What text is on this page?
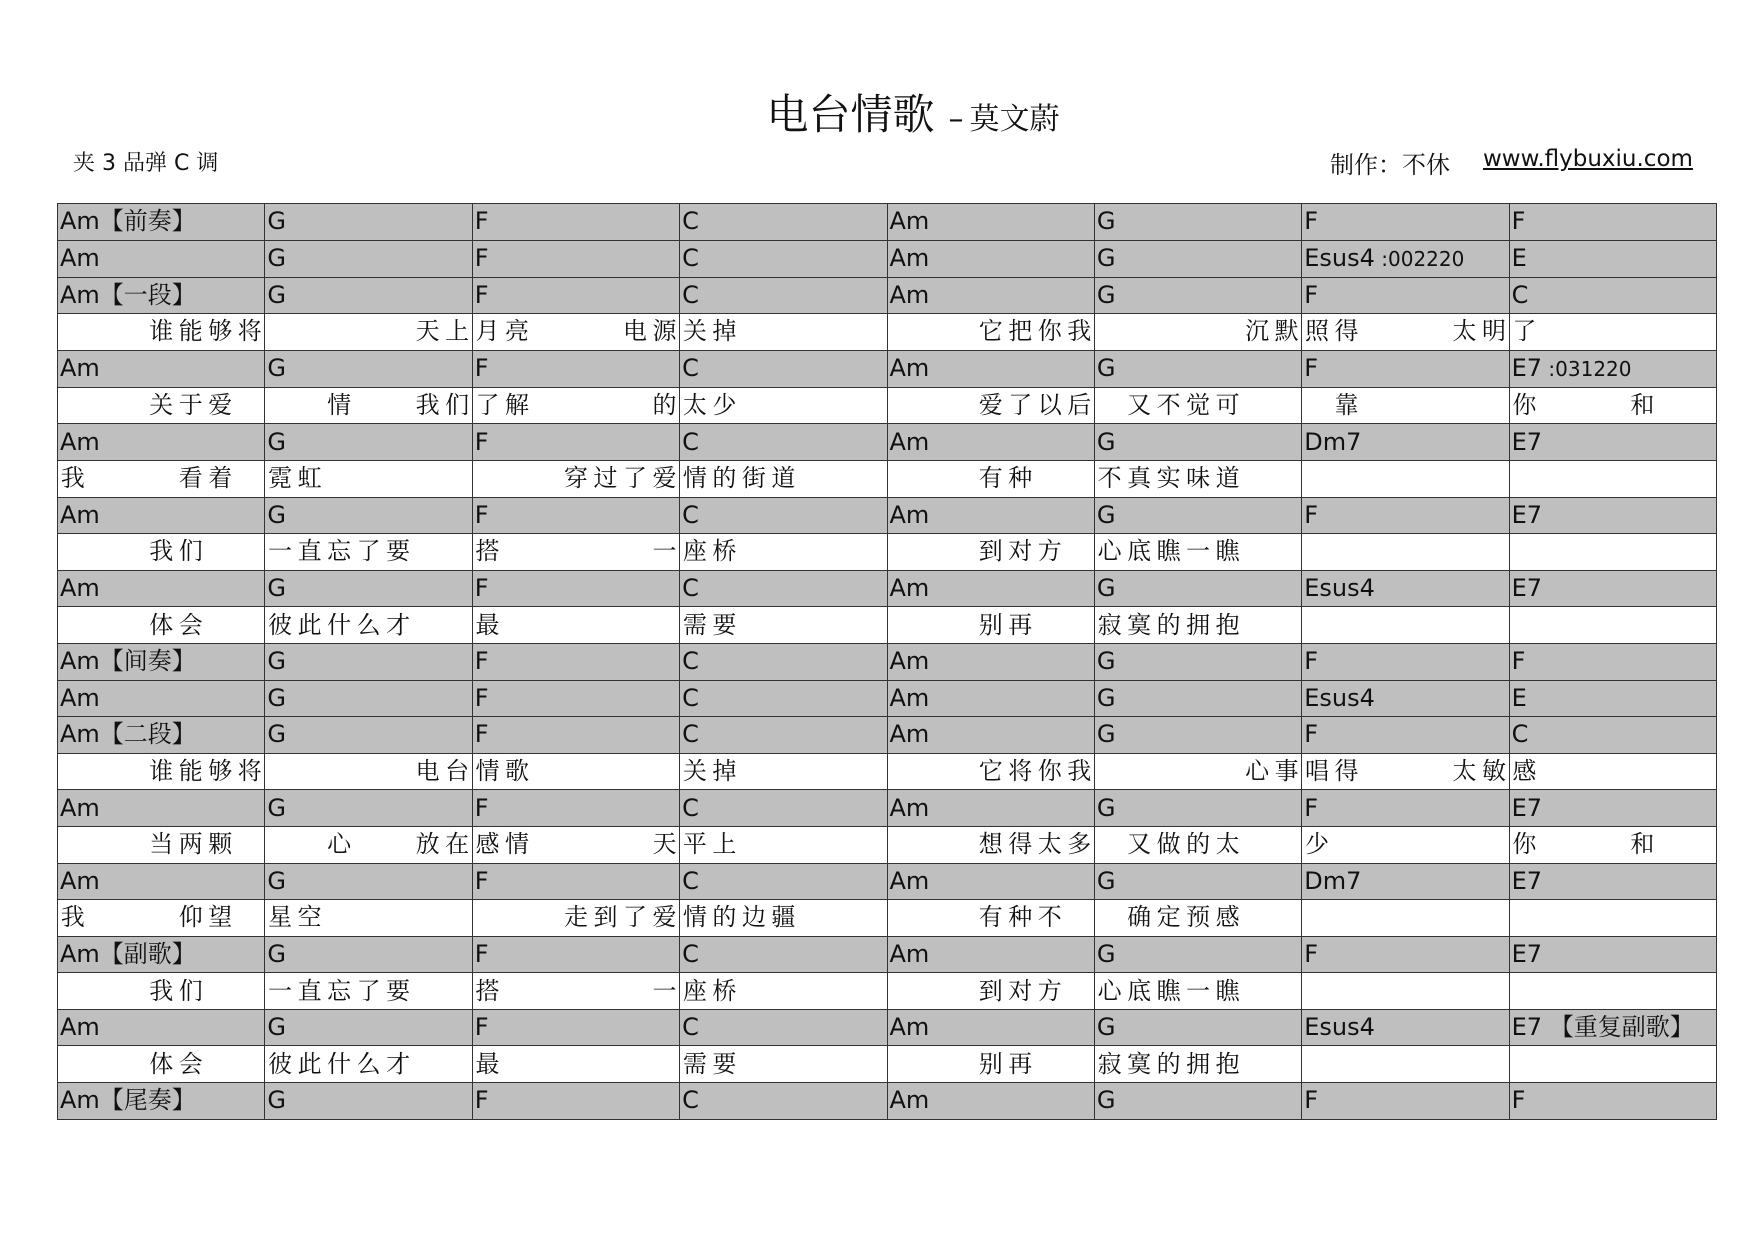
电台情歌 – 莫文蔚
夹 3 品弹 C 调	制作：不休 www.flybuxiu.com
Am【前奏】	G	F	C	Am	G	F	F
Am	G	F	C	Am	G	Esus4 :002220	E
Am【一段】	G	F	C	Am	G	F	C
谁 能 够 将	天 上	月 亮 电 源	关 掉	它 把 你 我	沉 默	照 得 太 明	了
Am	G	F	C	Am	G	F	E7 :031220
关 于 爱	情 我 们	了 解 的	太 少	爱 了 以 后	又 不 觉 可	靠	你 和
Am	G	F	C	Am	G	Dm7	E7
我 看 着	霓 虹	穿 过 了 爱	情 的 街 道	有 种	不 真 实 味 道		
Am	G	F	C	Am	G	F	E7
我 们	一 直 忘 了 要	搭 一	座 桥	到 对 方	心 底 瞧 一 瞧		
Am	G	F	C	Am	G	Esus4	E7
体 会	彼 此 什 么 才	最	需 要	别 再	寂 寞 的 拥 抱		
Am【间奏】	G	F	C	Am	G	F	F
Am	G	F	C	Am	G	Esus4	E
Am【二段】	G	F	C	Am	G	F	C
谁 能 够 将	电 台	情 歌	关 掉	它 将 你 我	心 事	唱 得 太 敏	感
Am	G	F	C	Am	G	F	E7
当 两 颗	心 放 在	感 情 天	平 上	想 得 太 多	又 做 的 太	少	你 和
Am	G	F	C	Am	G	Dm7	E7
我 仰 望	星 空	走 到 了 爱	情 的 边 疆	有 种 不	确 定 预 感		
Am【副歌】	G	F	C	Am	G	F	E7
我 们	一 直 忘 了 要	搭 一	座 桥	到 对 方	心 底 瞧 一 瞧		
Am	G	F	C	Am	G	Esus4	E7 【重复副歌】
体 会	彼 此 什 么 才	最	需 要	别 再	寂 寞 的 拥 抱		
Am【尾奏】	G	F	C	Am	G	F	F
